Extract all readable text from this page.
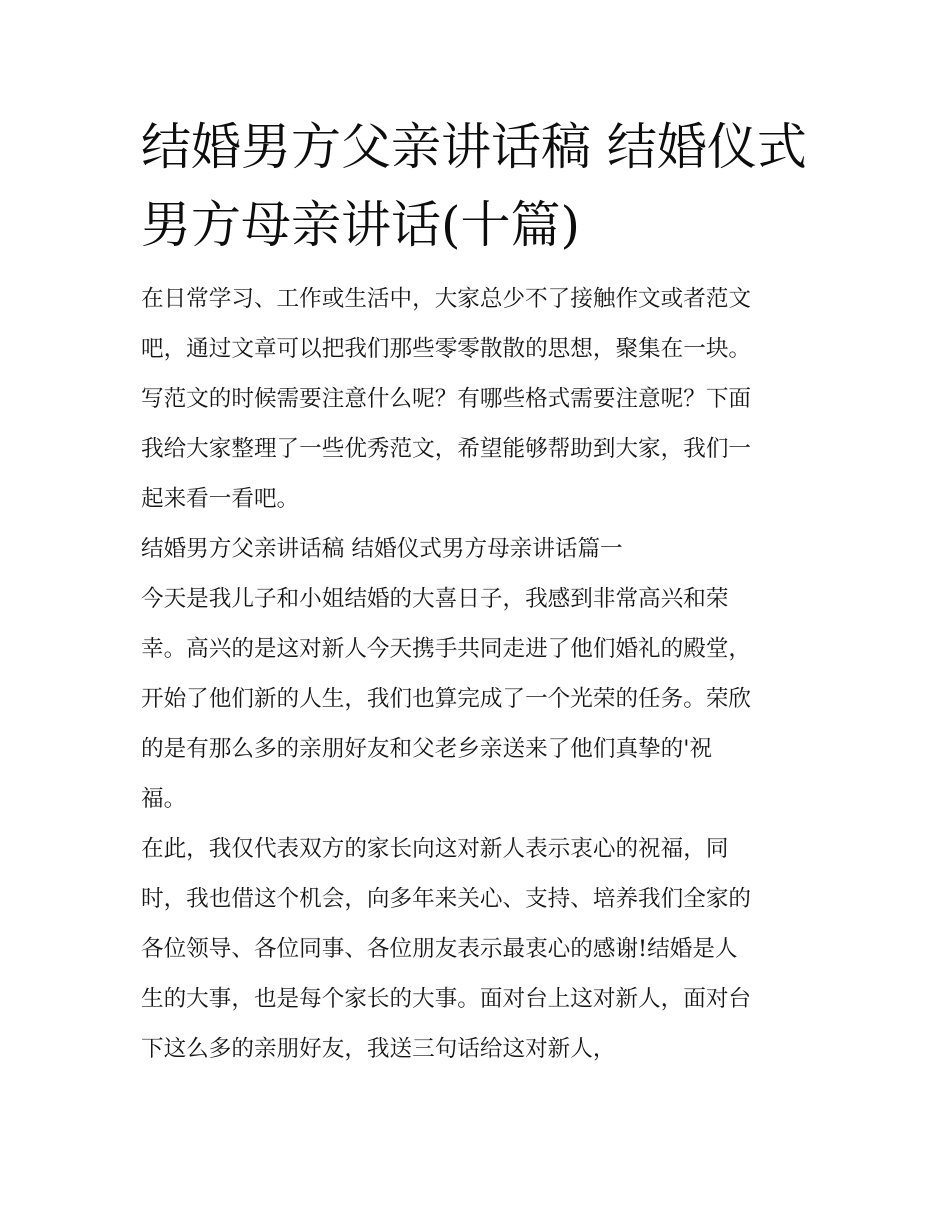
结婚男方父亲讲话稿 结婚仪式
男方母亲讲话(十篇)

在日常学习、工作或生活中，大家总少不了接触作文或者范文
吧，通过文章可以把我们那些零零散散的思想，聚集在一块。
写范文的时候需要注意什么呢？有哪些格式需要注意呢？下面
我给大家整理了一些优秀范文，希望能够帮助到大家，我们一
起来看一看吧。

结婚男方父亲讲话稿 结婚仪式男方母亲讲话篇一

今天是我儿子和小姐结婚的大喜日子，我感到非常高兴和荣
幸。高兴的是这对新人今天携手共同走进了他们婚礼的殿堂，
开始了他们新的人生，我们也算完成了一个光荣的任务。荣欣
的是有那么多的亲朋好友和父老乡亲送来了他们真挚的'祝
福。

在此，我仅代表双方的家长向这对新人表示衷心的祝福，同
时，我也借这个机会，向多年来关心、支持、培养我们全家的
各位领导、各位同事、各位朋友表示最衷心的感谢!结婚是人
生的大事，也是每个家长的大事。面对台上这对新人，面对台
下这么多的亲朋好友，我送三句话给这对新人，
